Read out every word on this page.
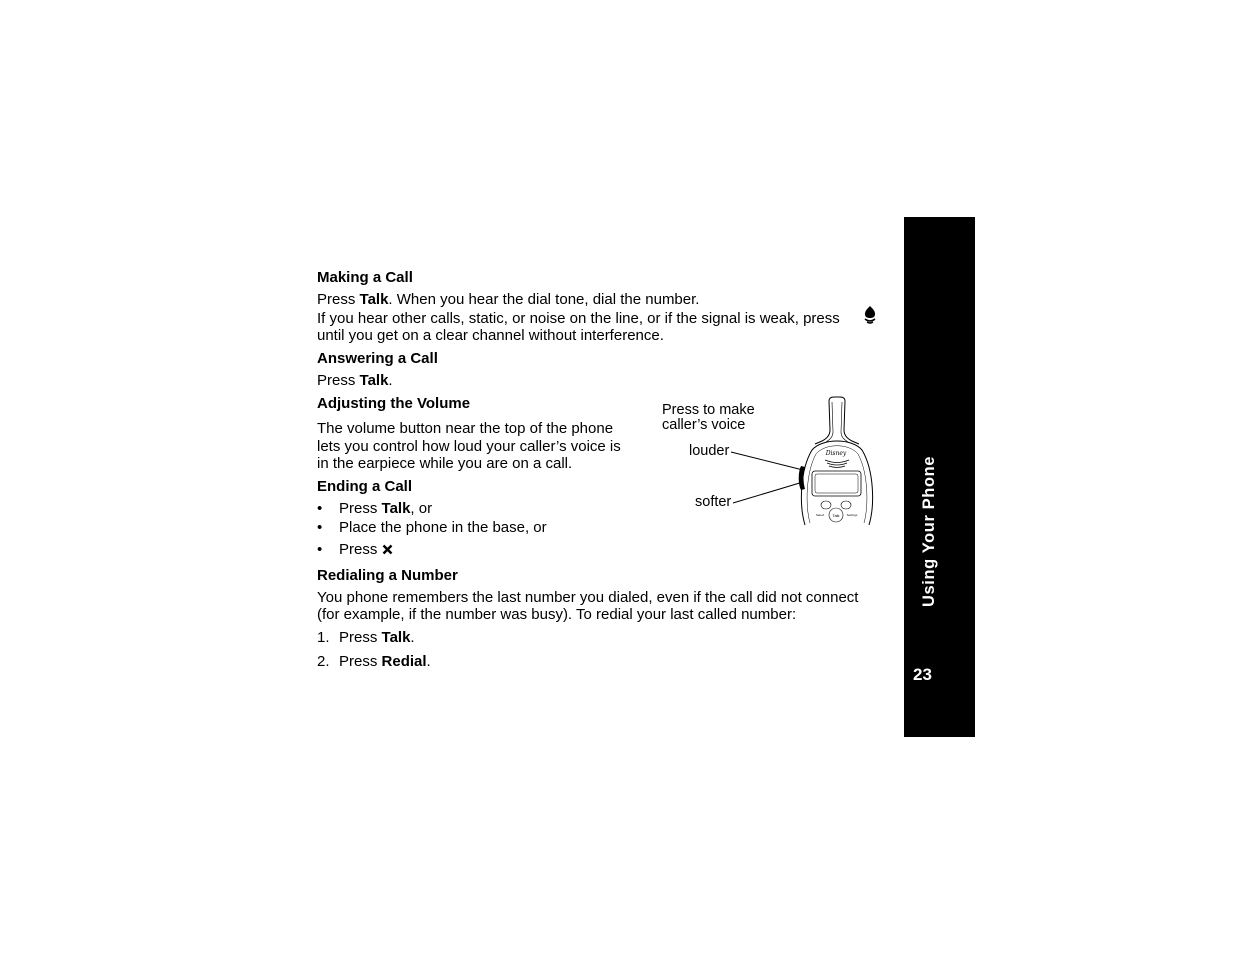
Using Your Phone
23
Making a Call
Press Talk. When you hear the dial tone, dial the number.
If you hear other calls, static, or noise on the line, or if the signal is weak, press
until you get on a clear channel without interference.
Answering a Call
Press Talk.
Adjusting the Volume
The volume button near the top of the phone
lets you control how loud your caller’s voice is
in the earpiece while you are on a call.
Press to make
caller’s voice
louder
softer
Disney
Talk
Select	Settings
Ending a Call
• Press Talk, or
• Place the phone in the base, or
• Press
Redialing a Number
You phone remembers the last number you dialed, even if the call did not connect
(for example, if the number was busy). To redial your last called number:
1. Press Talk.
2. Press Redial.
